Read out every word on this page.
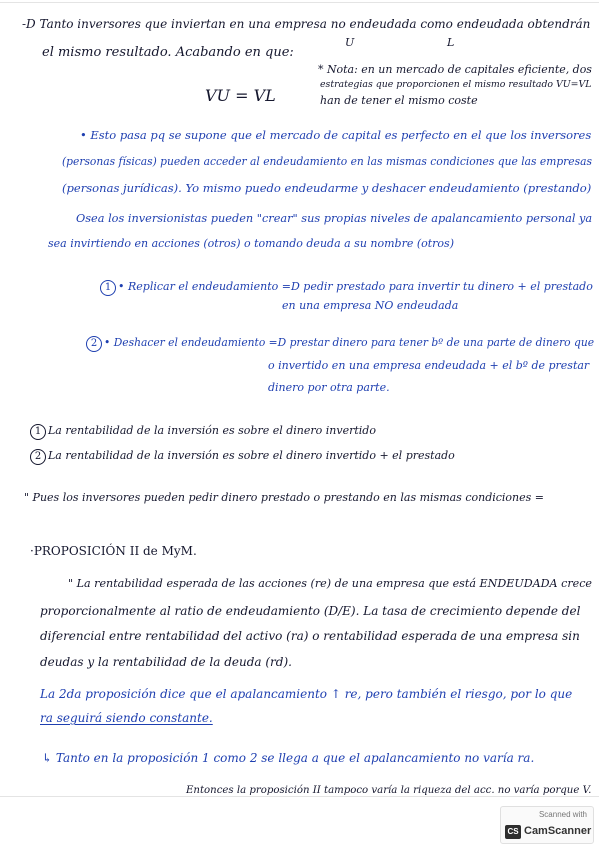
-D Tanto inversores que inviertan en una empresa no endeudada como endeudada obtendrán
U	L
el mismo resultado. Acabando en que:
VU = VL
* Nota: en un mercado de capitales eficiente, dos
estrategias que proporcionen el mismo resultado VU=VL
han de tener el mismo coste
• Esto pasa pq se supone que el mercado de capital es perfecto en el que los inversores
(personas físicas) pueden acceder al endeudamiento en las mismas condiciones que las empresas
(personas jurídicas). Yo mismo puedo endeudarme y deshacer endeudamiento (prestando)
Osea los inversionistas pueden "crear" sus propias niveles de apalancamiento personal ya
sea invirtiendo en acciones (otros) o tomando deuda a su nombre (otros)
1 • Replicar el endeudamiento =D pedir prestado para invertir tu dinero + el prestado
en una empresa NO endeudada
2 • Deshacer el endeudamiento =D prestar dinero para tener bº de una parte de dinero que
o invertido en una empresa endeudada + el bº de prestar
dinero por otra parte.
1 La rentabilidad de la inversión es sobre el dinero invertido
2 La rentabilidad de la inversión es sobre el dinero invertido + el prestado
" Pues los inversores pueden pedir dinero prestado o prestando en las mismas condiciones =
·PROPOSICIÓN II de MyM.
" La rentabilidad esperada de las acciones (re) de una empresa que está ENDEUDADA crece
proporcionalmente al ratio de endeudamiento (D/E). La tasa de crecimiento depende del
diferencial entre rentabilidad del activo (ra) o rentabilidad esperada de una empresa sin
deudas y la rentabilidad de la deuda (rd).
La 2da proposición dice que el apalancamiento ↑ re, pero también el riesgo, por lo que
ra seguirá siendo constante.
↳ Tanto en la proposición 1 como 2 se llega a que el apalancamiento no varía ra.
Entonces la proposición II tampoco varía la riqueza del acc. no varía porque V.
Scanned with
CS CamScanner
